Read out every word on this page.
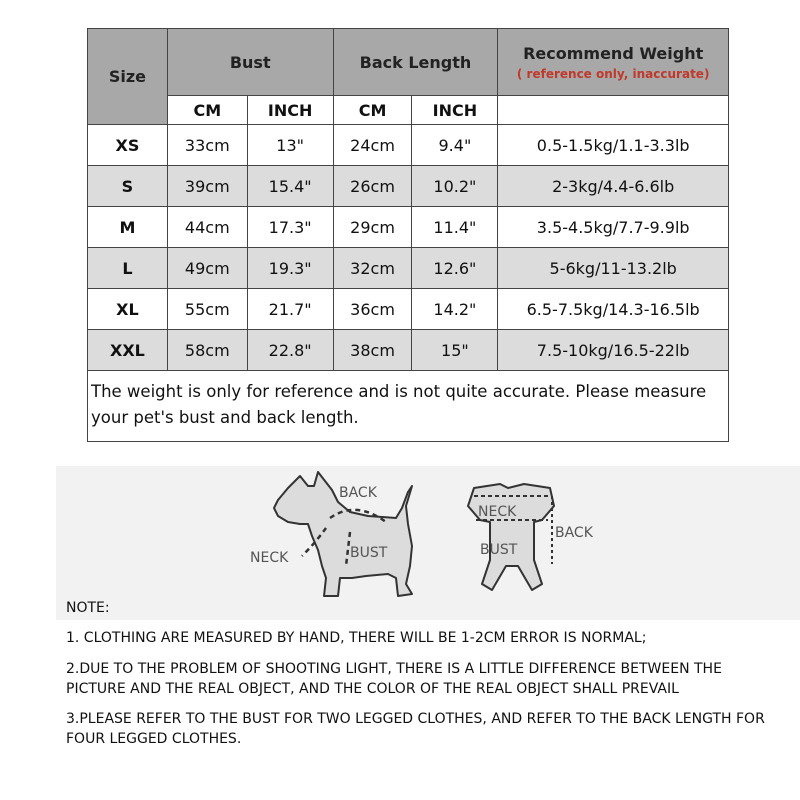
Size	Bust		Back Length		Recommend Weight
( reference only, inaccurate)

	CM	INCH	CM	INCH	
XS	33cm	13"	24cm	9.4"	0.5-1.5kg/1.1-3.3lb
S	39cm	15.4"	26cm	10.2"	2-3kg/4.4-6.6lb
M	44cm	17.3"	29cm	11.4"	3.5-4.5kg/7.7-9.9lb
L	49cm	19.3"	32cm	12.6"	5-6kg/11-13.2lb
XL	55cm	21.7"	36cm	14.2"	6.5-7.5kg/14.3-16.5lb
XXL	58cm	22.8"	38cm	15"	7.5-10kg/16.5-22lb
The weight is only for reference and is not quite accurate. Please measure your pet's bust and back length.					
BACK
NECK	BUST
NECK
BACK
BUST

NOTE:

1. CLOTHING ARE MEASURED BY HAND, THERE WILL BE 1-2CM ERROR IS NORMAL;

2.DUE TO THE PROBLEM OF SHOOTING LIGHT, THERE IS A LITTLE DIFFERENCE BETWEEN THE PICTURE AND THE REAL OBJECT, AND THE COLOR OF THE REAL OBJECT SHALL PREVAIL

3.PLEASE REFER TO THE BUST FOR TWO LEGGED CLOTHES, AND REFER TO THE BACK LENGTH FOR FOUR LEGGED CLOTHES.
